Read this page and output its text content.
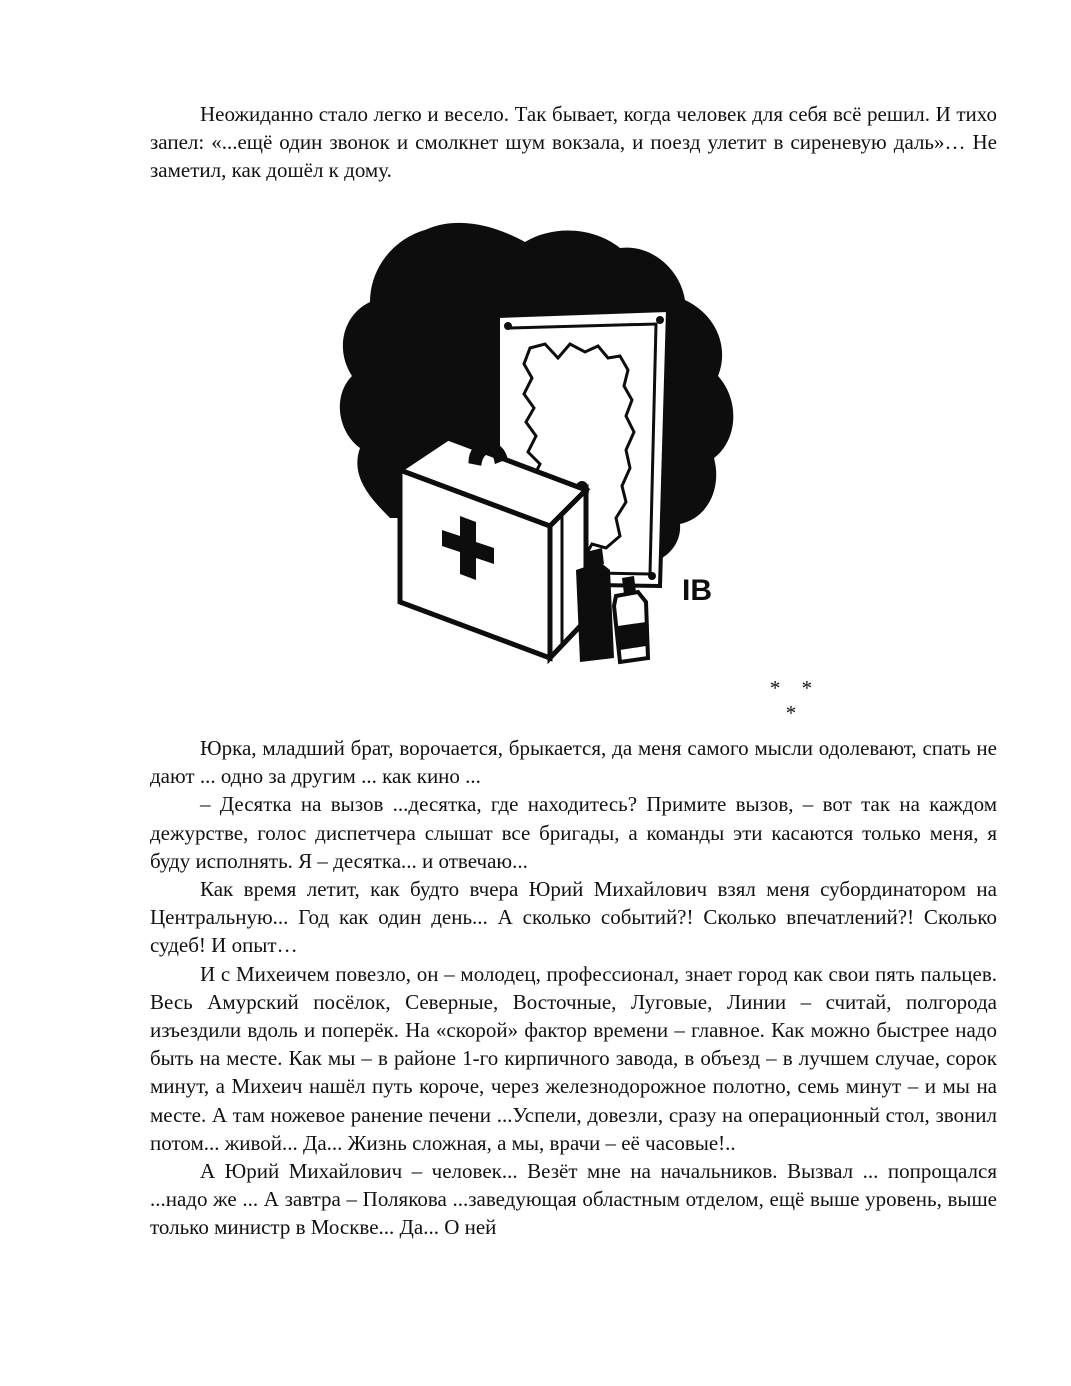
Неожиданно стало легко и весело. Так бывает, когда человек для себя всё решил. И тихо запел: «...ещё один звонок и смолкнет шум вокзала, и поезд улетит в сиреневую даль»… Не заметил, как дошёл к дому.

IB
* * *

Юрка, младший брат, ворочается, брыкается, да меня самого мысли одолевают, спать не дают ... одно за другим ... как кино ...

– Десятка на вызов ...десятка, где находитесь? Примите вызов, – вот так на каждом дежурстве, голос диспетчера слышат все бригады, а команды эти касаются только меня, я буду исполнять. Я – десятка... и отвечаю...

Как время летит, как будто вчера Юрий Михайлович взял меня субординатором на Центральную... Год как один день... А сколько событий?! Сколько впечатлений?! Сколько судеб! И опыт…

И с Михеичем повезло, он – молодец, профессионал, знает город как свои пять пальцев. Весь Амурский посёлок, Северные, Восточные, Луговые, Линии – считай, полгорода изъездили вдоль и поперёк. На «скорой» фактор времени – главное. Как можно быстрее надо быть на месте. Как мы – в районе 1-го кирпичного завода, в объезд – в лучшем случае, сорок минут, а Михеич нашёл путь короче, через железнодорожное полотно, семь минут – и мы на месте. А там ножевое ранение печени ...Успели, довезли, сразу на операционный стол, звонил потом... живой... Да... Жизнь сложная, а мы, врачи – её часовые!..

А Юрий Михайлович – человек... Везёт мне на начальников. Вызвал ... попрощался ...надо же ... А завтра – Полякова ...заведующая областным отделом, ещё выше уровень, выше только министр в Москве... Да... О ней
